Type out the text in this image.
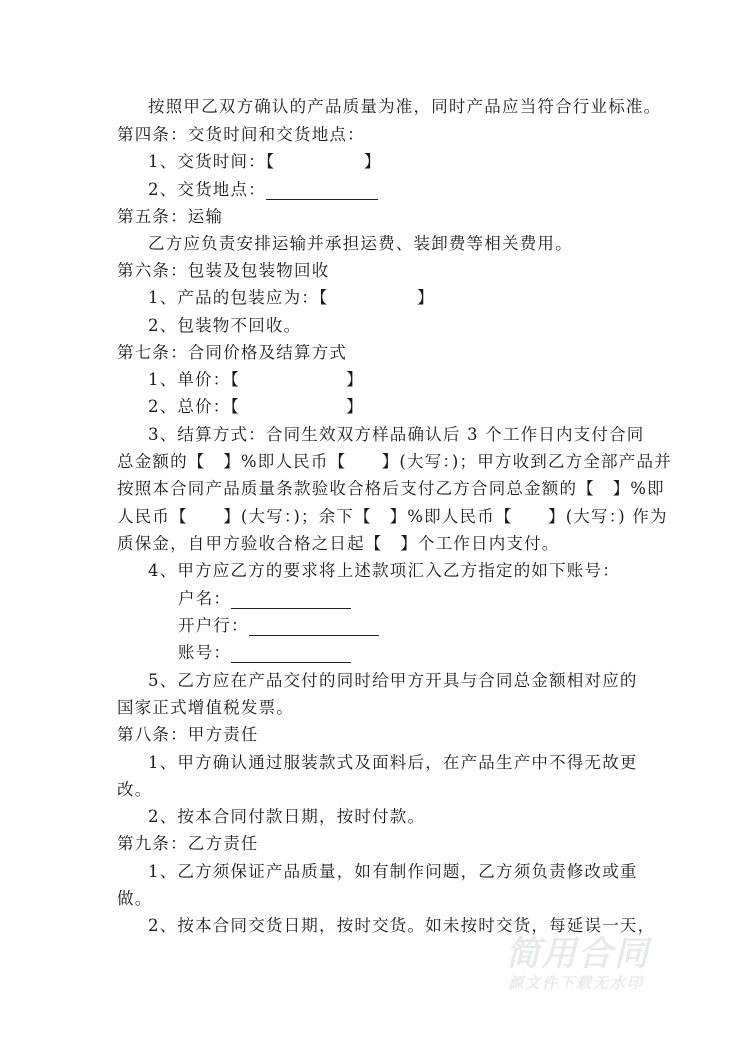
按照甲乙双方确认的产品质量为准，同时产品应当符合行业标准。
第四条：交货时间和交货地点：
1、交货时间：【　　　　　】
2、交货地点：
第五条：运输
乙方应负责安排运输并承担运费、装卸费等相关费用。
第六条：包装及包装物回收
1、产品的包装应为：【　　　　　】
2、包装物不回收。
第七条：合同价格及结算方式
1、单价：【　　　　　　】
2、总价：【　　　　　　】
3、结算方式：合同生效双方样品确认后 3 个工作日内支付合同
总金额的【　】%即人民币【　　】(大写：)；甲方收到乙方全部产品并
按照本合同产品质量条款验收合格后支付乙方合同总金额的【　】%即
人民币【　　】(大写：)；余下【　】%即人民币【　　】(大写：) 作为
质保金，自甲方验收合格之日起【　】个工作日内支付。
4、甲方应乙方的要求将上述款项汇入乙方指定的如下账号：
户名：
开户行：
账号：
5、乙方应在产品交付的同时给甲方开具与合同总金额相对应的
国家正式增值税发票。
第八条：甲方责任
1、甲方确认通过服装款式及面料后，在产品生产中不得无故更
改。
2、按本合同付款日期，按时付款。
第九条：乙方责任
1、乙方须保证产品质量，如有制作问题，乙方须负责修改或重
做。
2、按本合同交货日期，按时交货。如未按时交货，每延误一天，
简用合同
源文件下载无水印
